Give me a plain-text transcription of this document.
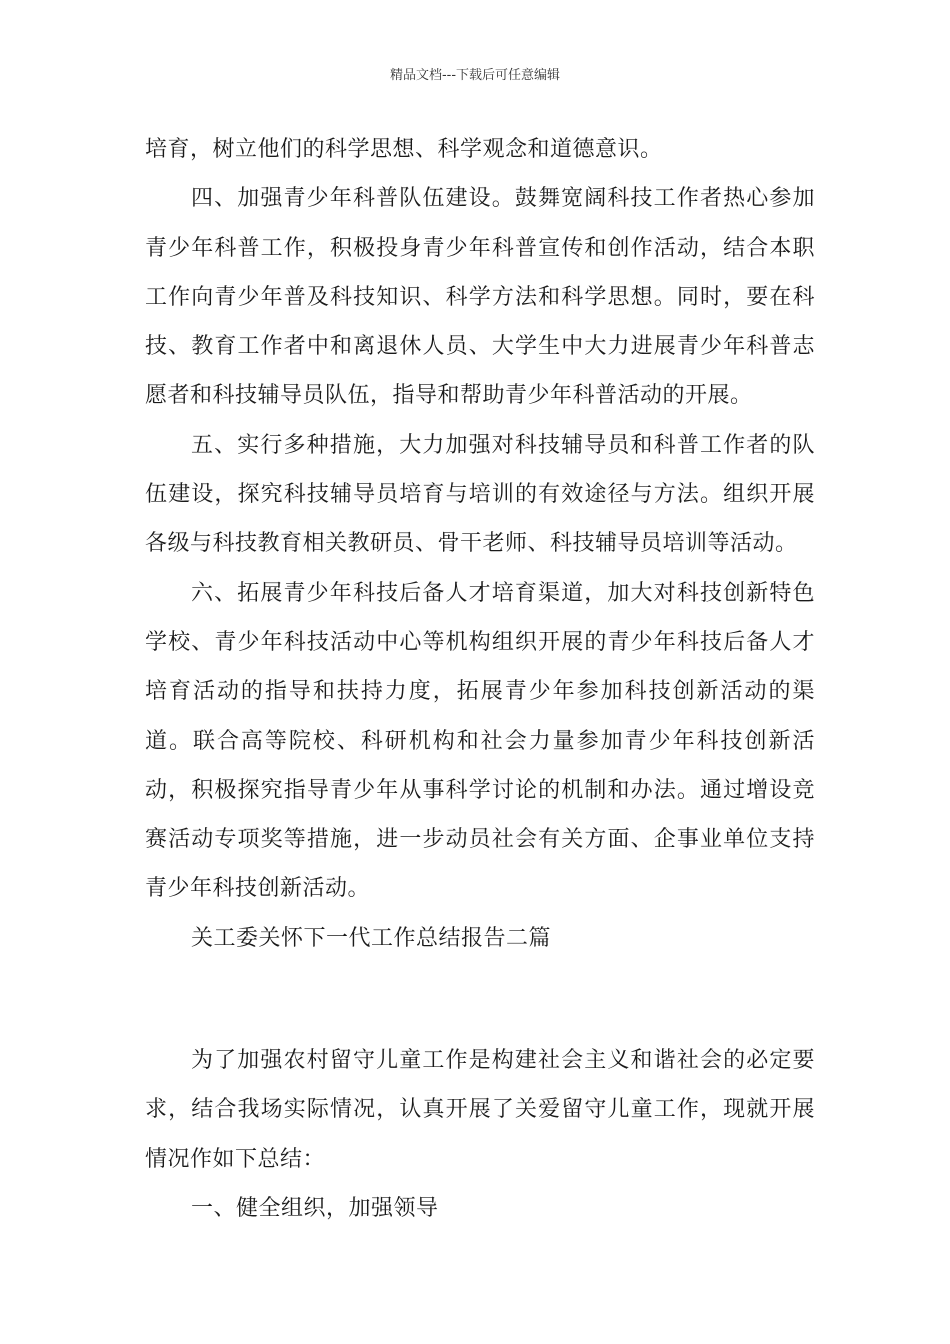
精品文档---下载后可任意编辑

培育，树立他们的科学思想、科学观念和道德意识。

四、加强青少年科普队伍建设。鼓舞宽阔科技工作者热心参加青少年科普工作，积极投身青少年科普宣传和创作活动，结合本职工作向青少年普及科技知识、科学方法和科学思想。同时，要在科技、教育工作者中和离退休人员、大学生中大力进展青少年科普志愿者和科技辅导员队伍，指导和帮助青少年科普活动的开展。

五、实行多种措施，大力加强对科技辅导员和科普工作者的队伍建设，探究科技辅导员培育与培训的有效途径与方法。组织开展各级与科技教育相关教研员、骨干老师、科技辅导员培训等活动。

六、拓展青少年科技后备人才培育渠道，加大对科技创新特色学校、青少年科技活动中心等机构组织开展的青少年科技后备人才培育活动的指导和扶持力度，拓展青少年参加科技创新活动的渠道。联合高等院校、科研机构和社会力量参加青少年科技创新活动，积极探究指导青少年从事科学讨论的机制和办法。通过增设竞赛活动专项奖等措施，进一步动员社会有关方面、企事业单位支持青少年科技创新活动。

关工委关怀下一代工作总结报告二篇

为了加强农村留守儿童工作是构建社会主义和谐社会的必定要求，结合我场实际情况，认真开展了关爱留守儿童工作，现就开展情况作如下总结：

一、健全组织，加强领导
